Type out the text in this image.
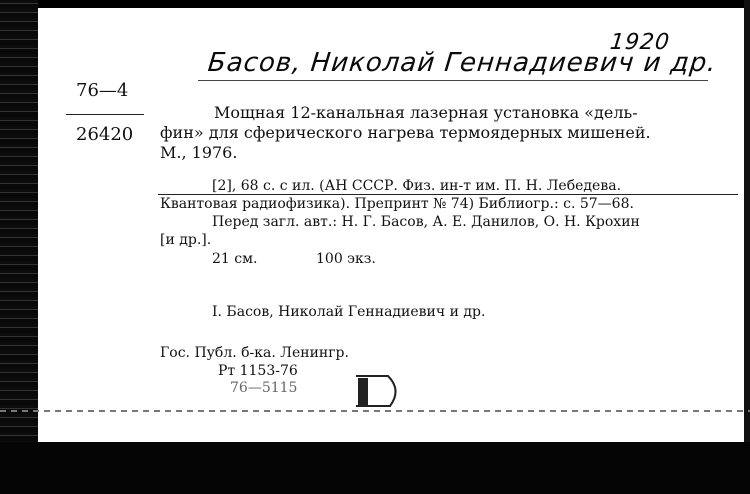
Басов, Николай Геннадиевич и др.
1920
76—4
26420
Мощная 12-канальная лазерная установка «дель-
фин» для сферического нагрева термоядерных мишеней.
М., 1976.
[2], 68 с. с ил. (АН СССР. Физ. ин-т им. П. Н. Лебедева.
Квантовая радиофизика). Препринт № 74) Библиогр.: с. 57—68.
Перед загл. авт.: Н. Г. Басов, А. Е. Данилов, О. Н. Крохин
[и др.].
21 см.	100 экз.
I. Басов, Николай Геннадиевич и др.
Гос. Публ. б-ка. Ленингр.
Рт 1153-76
76—5115
